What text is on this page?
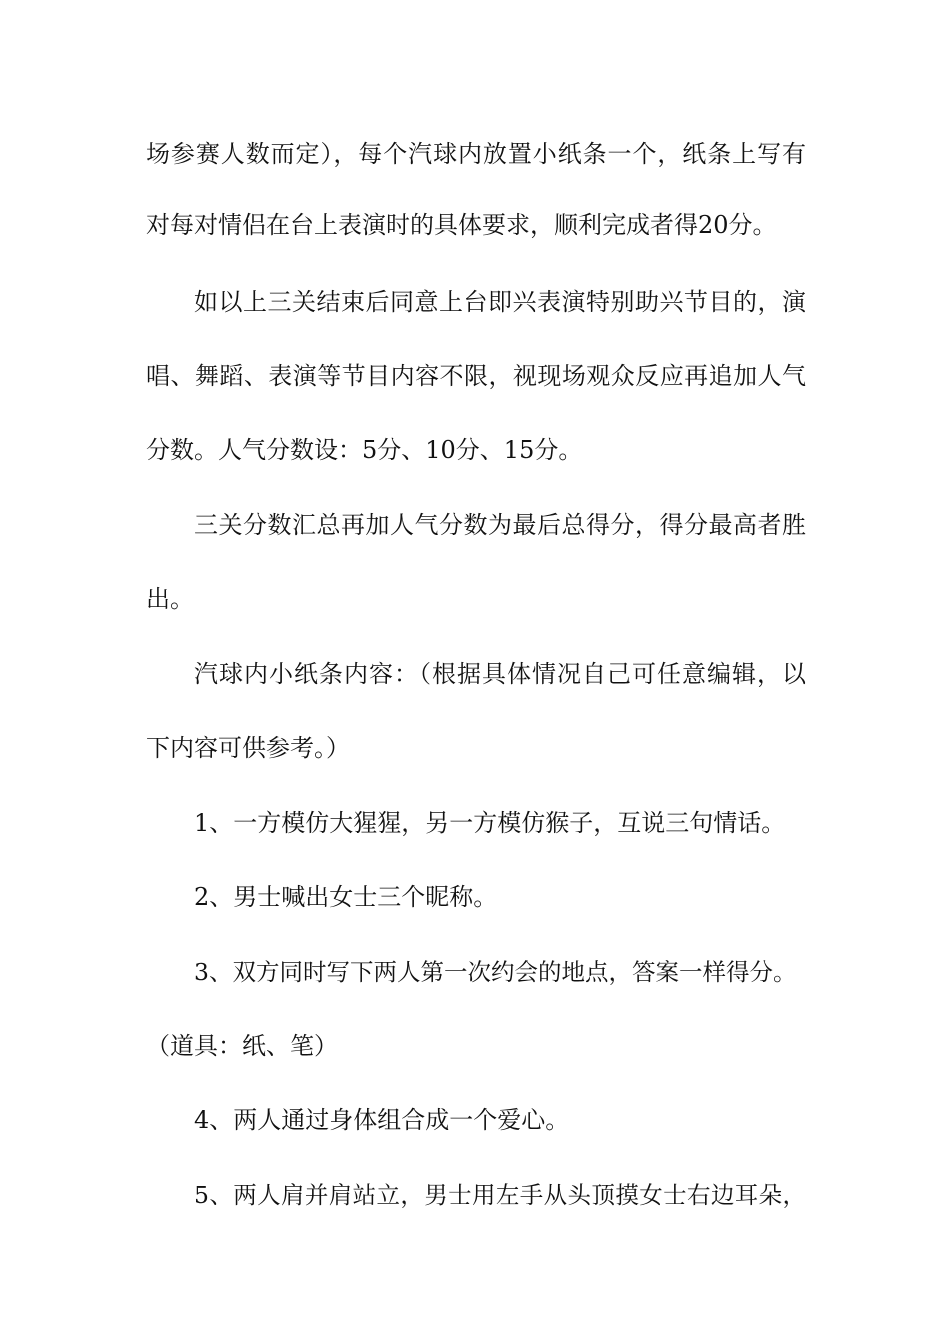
场参赛人数而定），每个汽球内放置小纸条一个，纸条上写有
对每对情侣在台上表演时的具体要求，顺利完成者得20分。
如以上三关结束后同意上台即兴表演特别助兴节目的，演
唱、舞蹈、表演等节目内容不限，视现场观众反应再追加人气
分数。人气分数设：5分、10分、15分。
三关分数汇总再加人气分数为最后总得分，得分最高者胜
出。
汽球内小纸条内容：（根据具体情况自己可任意编辑，以
下内容可供参考。）
1、一方模仿大猩猩，另一方模仿猴子，互说三句情话。
2、男士喊出女士三个昵称。
3、双方同时写下两人第一次约会的地点，答案一样得分。
（道具：纸、笔）
4、两人通过身体组合成一个爱心。
5、两人肩并肩站立，男士用左手从头顶摸女士右边耳朵，
